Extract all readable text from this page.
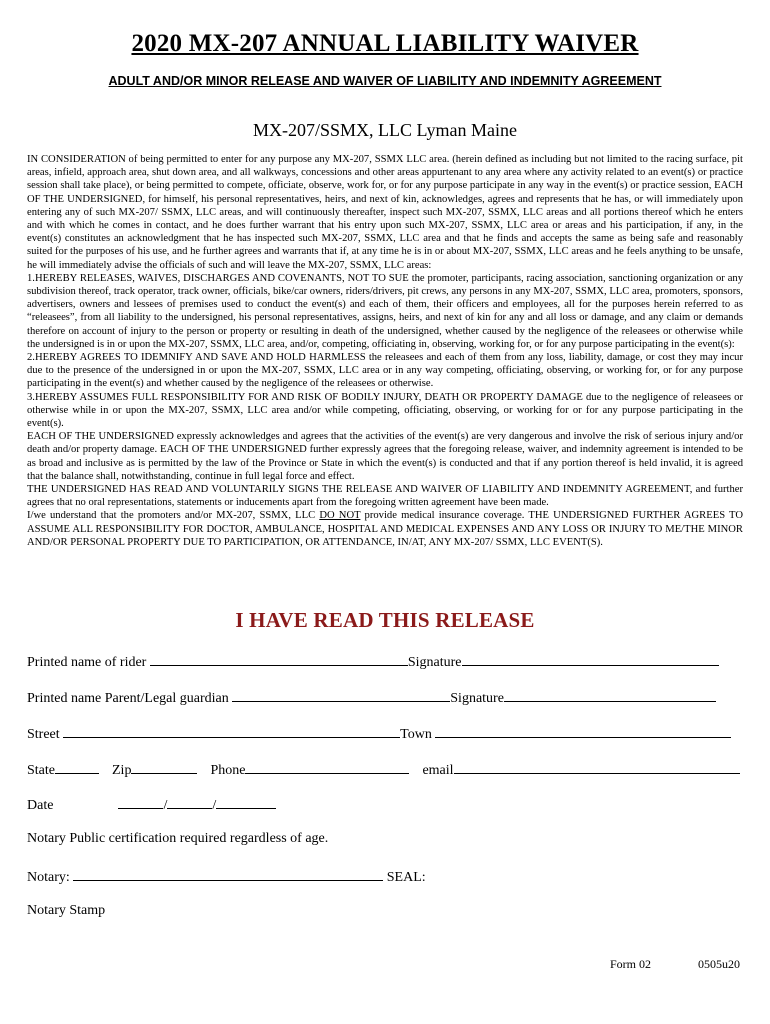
2020 MX-207 ANNUAL LIABILITY WAIVER
ADULT AND/OR MINOR RELEASE AND WAIVER OF LIABILITY AND INDEMNITY AGREEMENT
MX-207/SSMX, LLC Lyman Maine

IN CONSIDERATION of being permitted to enter for any purpose any MX-207, SSMX LLC area. (herein defined as including but not limited to the racing surface, pit areas, infield, approach area, shut down area, and all walkways, concessions and other areas appurtenant to any area where any activity related to an event(s) or practice session shall take place), or being permitted to compete, officiate, observe, work for, or for any purpose participate in any way in the event(s) or practice session, EACH OF THE UNDERSIGNED, for himself, his personal representatives, heirs, and next of kin, acknowledges, agrees and represents that he has, or will immediately upon entering any of such MX-207/ SSMX, LLC areas, and will continuously thereafter, inspect such MX-207, SSMX, LLC areas and all portions thereof which he enters and with which he comes in contact, and he does further warrant that his entry upon such MX-207, SSMX, LLC area or areas and his participation, if any, in the event(s) constitutes an acknowledgment that he has inspected such MX-207, SSMX, LLC area and that he finds and accepts the same as being safe and reasonably suited for the purposes of his use, and he further agrees and warrants that if, at any time he is in or about MX-207, SSMX, LLC areas and he feels anything to be unsafe, he will immediately advise the officials of such and will leave the MX-207, SSMX, LLC areas:

1.HEREBY RELEASES, WAIVES, DISCHARGES AND COVENANTS, NOT TO SUE the promoter, participants, racing association, sanctioning organization or any subdivision thereof, track operator, track owner, officials, bike/car owners, riders/drivers, pit crews, any persons in any MX-207, SSMX, LLC area, promoters, sponsors, advertisers, owners and lessees of premises used to conduct the event(s) and each of them, their officers and employees, all for the purposes herein referred to as “releasees”, from all liability to the undersigned, his personal representatives, assigns, heirs, and next of kin for any and all loss or damage, and any claim or demands therefore on account of injury to the person or property or resulting in death of the undersigned, whether caused by the negligence of the releasees or otherwise while the undersigned is in or upon the MX-207, SSMX, LLC area, and/or, competing, officiating in, observing, working for, or for any purpose participating in the event(s):

2.HEREBY AGREES TO IDEMNIFY AND SAVE AND HOLD HARMLESS the releasees and each of them from any loss, liability, damage, or cost they may incur due to the presence of the undersigned in or upon the MX-207, SSMX, LLC area or in any way competing, officiating, observing, or working for, or for any purpose participating in the event(s) and whether caused by the negligence of the releasees or otherwise.

3.HEREBY ASSUMES FULL RESPONSIBILITY FOR AND RISK OF BODILY INJURY, DEATH OR PROPERTY DAMAGE due to the negligence of releasees or otherwise while in or upon the MX-207, SSMX, LLC area and/or while competing, officiating, observing, or working for or for any purpose participating in the event(s).

EACH OF THE UNDERSIGNED expressly acknowledges and agrees that the activities of the event(s) are very dangerous and involve the risk of serious injury and/or death and/or property damage. EACH OF THE UNDERSIGNED further expressly agrees that the foregoing release, waiver, and indemnity agreement is intended to be as broad and inclusive as is permitted by the law of the Province or State in which the event(s) is conducted and that if any portion thereof is held invalid, it is agreed that the balance shall, notwithstanding, continue in full legal force and effect.

THE UNDERSIGNED HAS READ AND VOLUNTARILY SIGNS THE RELEASE AND WAIVER OF LIABILITY AND INDEMNITY AGREEMENT, and further agrees that no oral representations, statements or inducements apart from the foregoing written agreement have been made.

I/we understand that the promoters and/or MX-207, SSMX, LLC DO NOT provide medical insurance coverage. THE UNDERSIGNED FURTHER AGREES TO ASSUME ALL RESPONSIBILITY FOR DOCTOR, AMBULANCE, HOSPITAL AND MEDICAL EXPENSES AND ANY LOSS OR INJURY TO ME/THE MINOR AND/OR PERSONAL PROPERTY DUE TO PARTICIPATION, OR ATTENDANCE, IN/AT, ANY MX-207/ SSMX, LLC EVENT(S).

I HAVE READ THIS RELEASE
Printed name of rider	Signature
Printed name Parent/Legal guardian	Signature
Street	Town
State	Zip	Phone	email
Date	/	/
Notary Public certification required regardless of age.
Notary:	SEAL:
Notary Stamp
Form 02	0505u20
